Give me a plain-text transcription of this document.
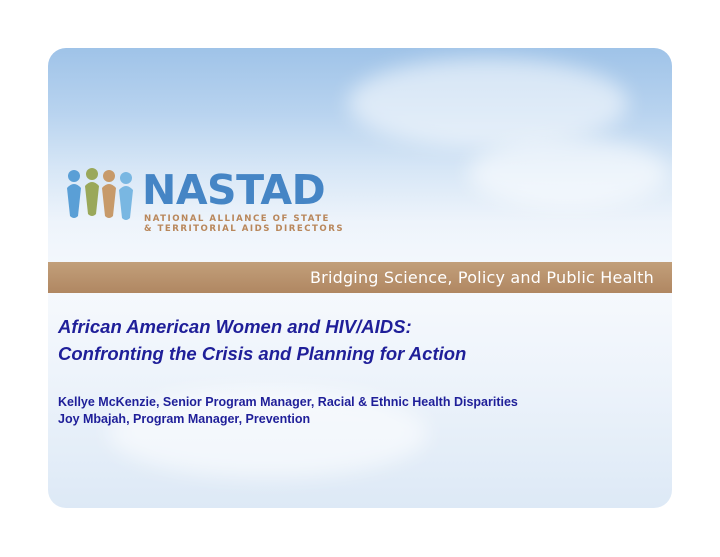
NASTAD
NATIONAL ALLIANCE OF STATE
& TERRITORIAL AIDS DIRECTORS
Bridging Science, Policy and Public Health
African American Women and HIV/AIDS:
Confronting the Crisis and Planning for Action
Kellye McKenzie, Senior Program Manager, Racial & Ethnic Health Disparities
Joy Mbajah, Program Manager, Prevention
